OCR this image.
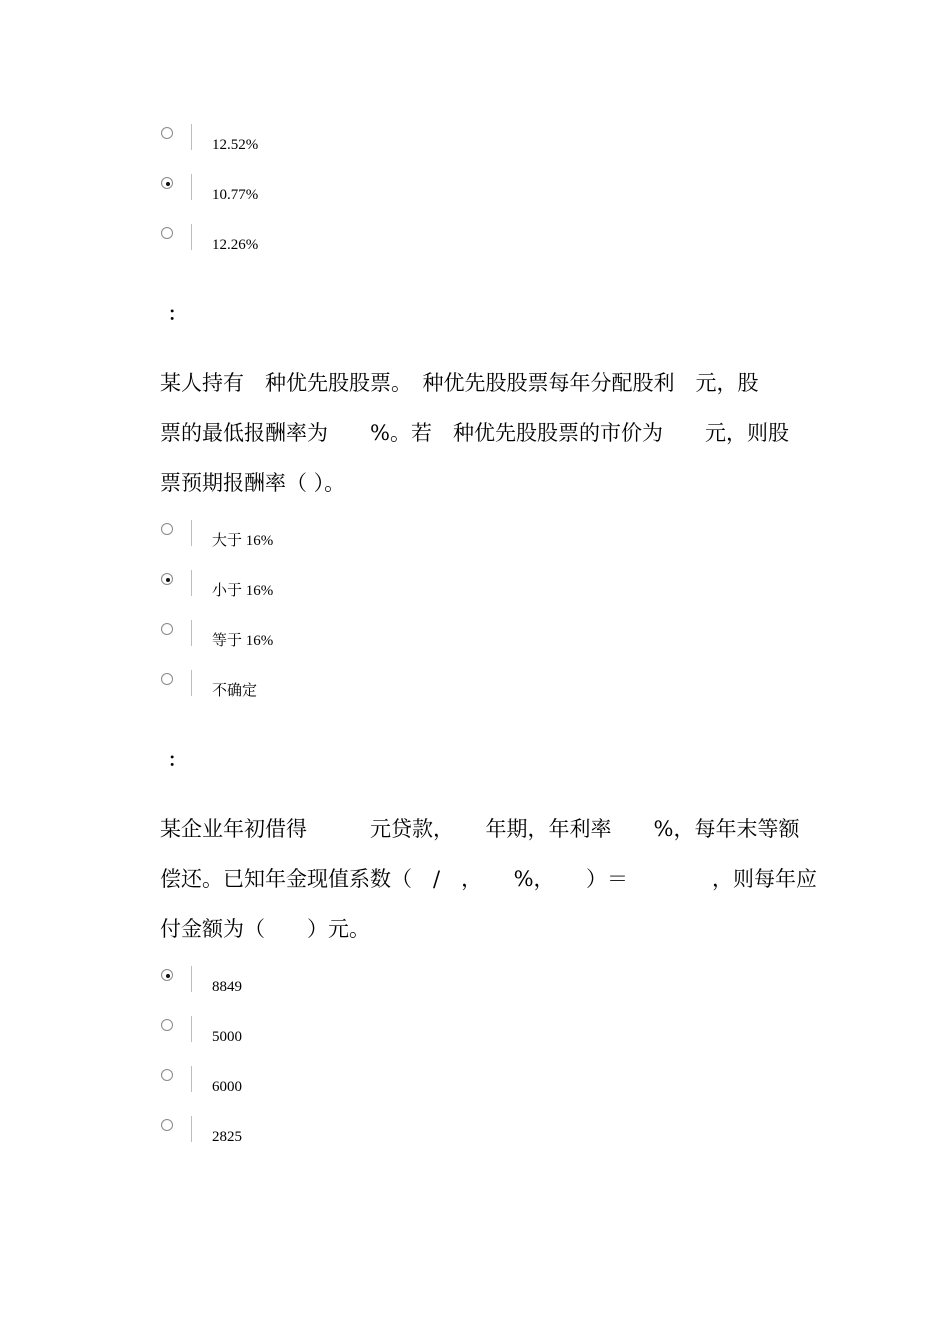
12.52%
10.77%
12.26%
：
某人持有　种优先股股票。　种优先股股票每年分配股利　元，股
票的最低报酬率为　　%。若　种优先股股票的市价为　　元，则股
票预期报酬率（ ）。
大于 16%
小于 16%
等于 16%
不确定
：
某企业年初借得　　　元贷款，　　年期，年利率　　%，每年末等额
偿还。已知年金现值系数（　/　，　　%，　　）＝　　　　，则每年应
付金额为（　　）元。
8849
5000
6000
2825
